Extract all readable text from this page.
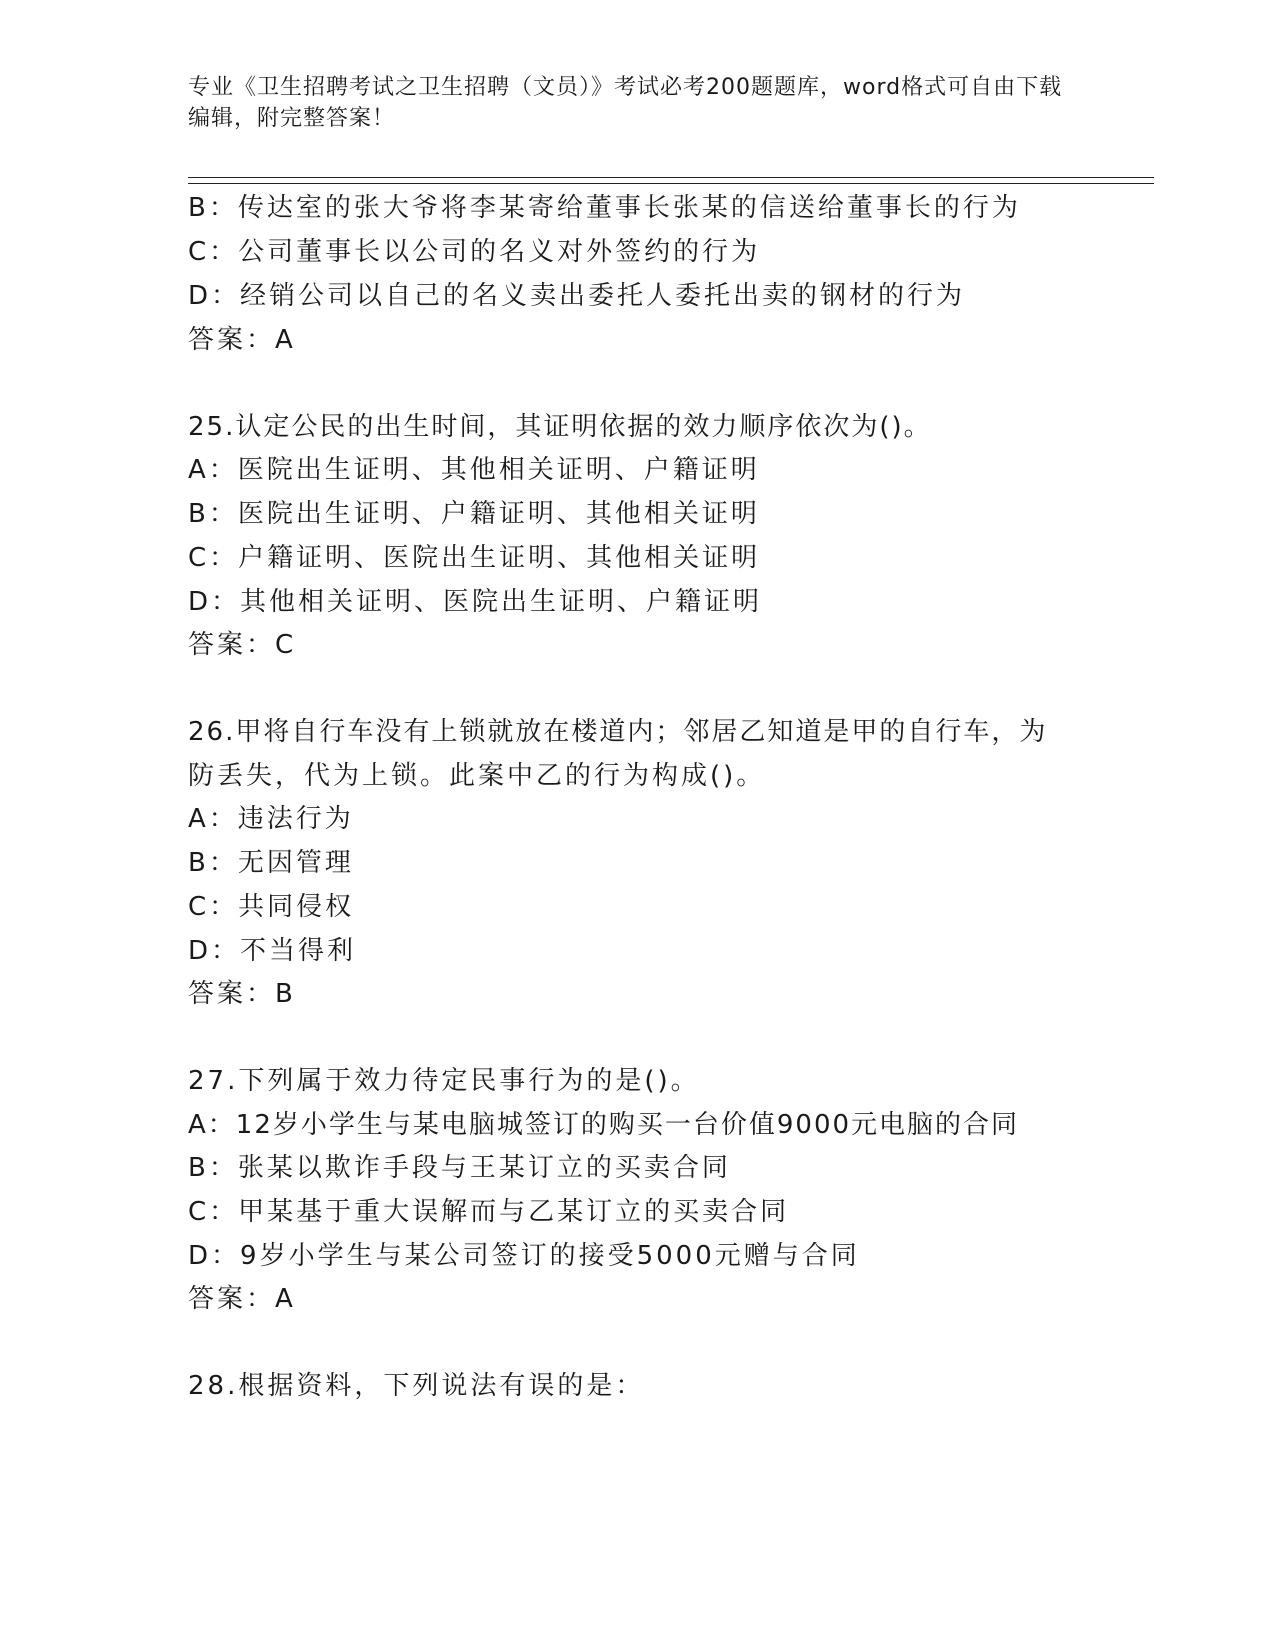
专业《卫生招聘考试之卫生招聘（文员）》考试必考200题题库，word格式可自由下载编辑，附完整答案！
B：传达室的张大爷将李某寄给董事长张某的信送给董事长的行为
C：公司董事长以公司的名义对外签约的行为
D：经销公司以自己的名义卖出委托人委托出卖的钢材的行为
答案：A
25.认定公民的出生时间，其证明依据的效力顺序依次为()。
A：医院出生证明、其他相关证明、户籍证明
B：医院出生证明、户籍证明、其他相关证明
C：户籍证明、医院出生证明、其他相关证明
D：其他相关证明、医院出生证明、户籍证明
答案：C
26.甲将自行车没有上锁就放在楼道内；邻居乙知道是甲的自行车，为
防丢失，代为上锁。此案中乙的行为构成()。
A：违法行为
B：无因管理
C：共同侵权
D：不当得利
答案：B
27.下列属于效力待定民事行为的是()。
A：12岁小学生与某电脑城签订的购买一台价值9000元电脑的合同
B：张某以欺诈手段与王某订立的买卖合同
C：甲某基于重大误解而与乙某订立的买卖合同
D：9岁小学生与某公司签订的接受5000元赠与合同
答案：A
28.根据资料，下列说法有误的是：
